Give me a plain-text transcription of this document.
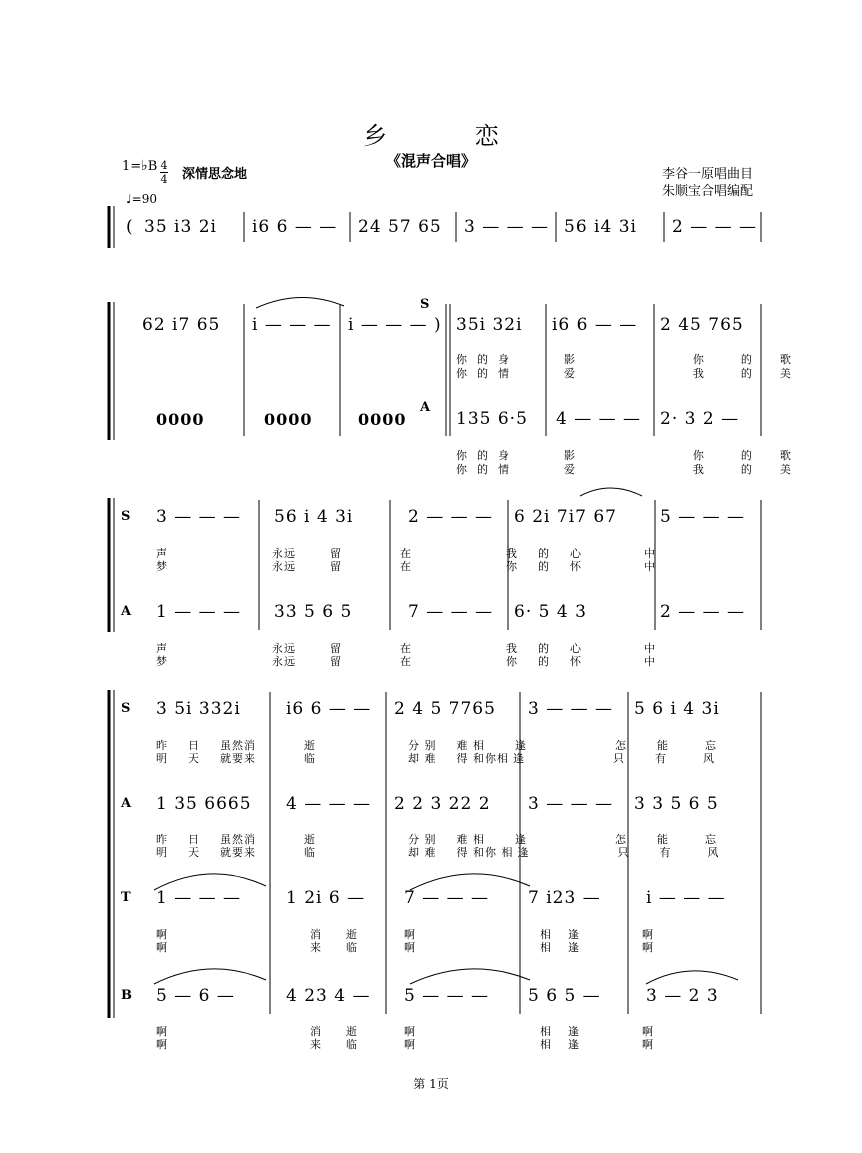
乡 恋
《混声合唱》
1=♭B 4
4 深情思念地
♩=90
李谷一原唱曲目
朱顺宝合唱编配
( 35 i3 2i i6 6 — — 24 57 65 3 — — — 56 i4 3i 2 — — —
S
62 i7 65 i — — — i — — — ) 35i 32i i6 6 — — 2 45 765
你 的 身	影	你	的 歌
你 的 情	爱	我	的 美
A
0000	0000	0000	135 6·5 4 — — — 2· 3 2 —
你 的 身	影	你	的 歌
你 的 情	爱	我	的 美
S 3 — — — 56 i 4 3i	2 — — — 6 2i 7i7 67	5 — — —
声	永远	留	在	我 的 心	中
梦	永远	留	在	你 的 怀	中
A 1 — — — 33 5 6 5	7 — — — 6· 5 4 3	2 — — —
声	永远	留	在	我 的 心	中
梦	永远	留	在	你 的 怀	中
S 3 5i 332i	i6 6 — — 2 4 5 7765 3 — — — 5 6 i 4 3i
昨 日 虽然消	逝	分 别 难 相	逢	怎	能	忘
明 天 就要来	临	却 难 得 和你相 逢	只	有	风
A 1 35 6665 4 — — — 2 2 3 22 2 3 — — — 3 3 5 6 5
昨 日 虽然消	逝	分 别 难 相	逢	怎	能	忘
明 天 就要来	临	却 难 得 和你 相 逢	只	有	风
T 1 — — —	1 2i 6 — 7 — — — 7 i23 —	i — — —
啊	消 逝	啊	相 逢	啊
啊	来 临	啊	相 逢	啊
B 5 — 6 —	4 23 4 — 5 — — — 5 6 5 —	3 — 2 3
啊	消 逝	啊	相 逢	啊
啊	来 临	啊	相 逢	啊
第 1页
